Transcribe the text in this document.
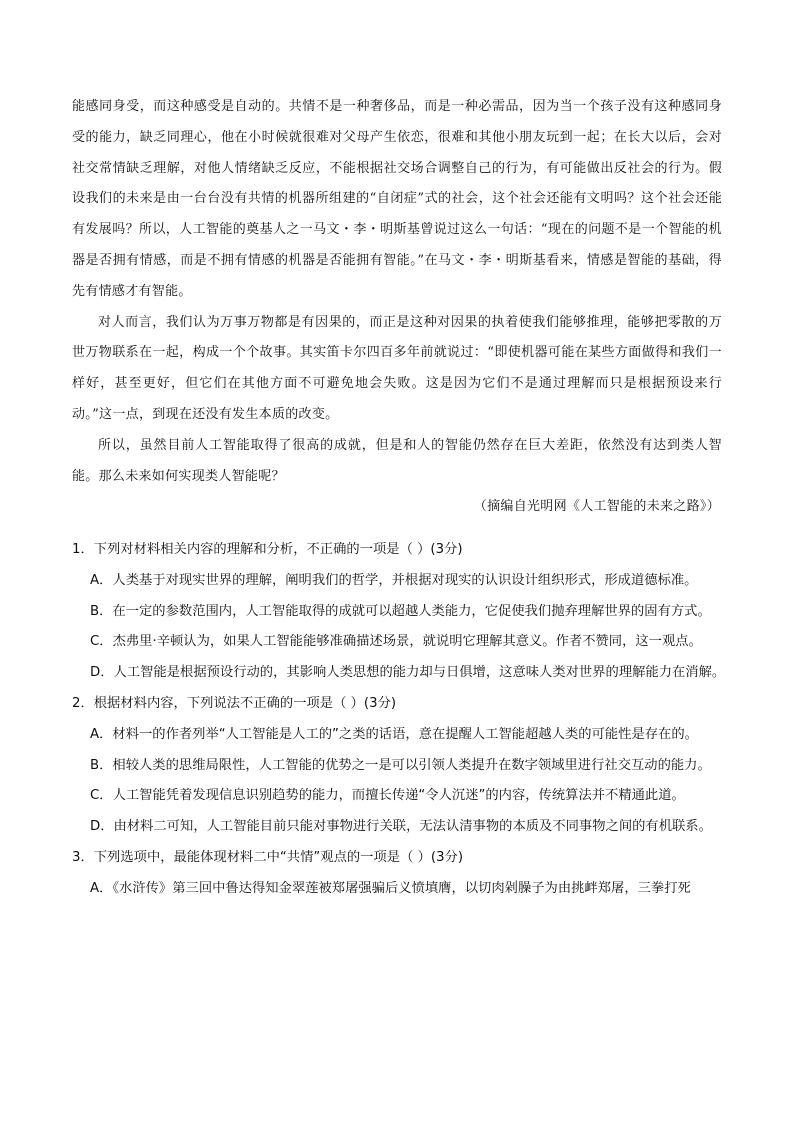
能感同身受，而这种感受是自动的。共情不是一种奢侈品，而是一种必需品，因为当一个孩子没有这种感同身受的能力，缺乏同理心，他在小时候就很难对父母产生依恋，很难和其他小朋友玩到一起；在长大以后，会对社交常情缺乏理解，对他人情绪缺乏反应，不能根据社交场合调整自己的行为，有可能做出反社会的行为。假设我们的未来是由一台台没有共情的机器所组建的“自闭症”式的社会，这个社会还能有文明吗？这个社会还能有发展吗？所以，人工智能的奠基人之一马文・李・明斯基曾说过这么一句话：“现在的问题不是一个智能的机器是否拥有情感，而是不拥有情感的机器是否能拥有智能。”在马文・李・明斯基看来，情感是智能的基础，得先有情感才有智能。

对人而言，我们认为万事万物都是有因果的，而正是这种对因果的执着使我们能够推理，能够把零散的万世万物联系在一起，构成一个个故事。其实笛卡尔四百多年前就说过：“即使机器可能在某些方面做得和我们一样好，甚至更好，但它们在其他方面不可避免地会失败。这是因为它们不是通过理解而只是根据预设来行动。”这一点，到现在还没有发生本质的改变。

所以，虽然目前人工智能取得了很高的成就，但是和人的智能仍然存在巨大差距，依然没有达到类人智能。那么未来如何实现类人智能呢？

（摘编自光明网《人工智能的未来之路》）

1．下列对材料相关内容的理解和分析，不正确的一项是（ ）(3分)

A．人类基于对现实世界的理解，阐明我们的哲学，并根据对现实的认识设计组织形式，形成道德标准。

B．在一定的参数范围内，人工智能取得的成就可以超越人类能力，它促使我们抛弃理解世界的固有方式。

C．杰弗里·辛顿认为，如果人工智能能够准确描述场景，就说明它理解其意义。作者不赞同，这一观点。

D．人工智能是根据预设行动的，其影响人类思想的能力却与日俱增，这意味人类对世界的理解能力在消解。

2．根据材料内容，下列说法不正确的一项是（ ）(3分)

A．材料一的作者列举“人工智能是人工的”之类的话语，意在提醒人工智能超越人类的可能性是存在的。

B．相较人类的思维局限性，人工智能的优势之一是可以引领人类提升在数字领域里进行社交互动的能力。

C．人工智能凭着发现信息识别趋势的能力，而擅长传递“令人沉迷”的内容，传统算法并不精通此道。

D．由材料二可知，人工智能目前只能对事物进行关联，无法认清事物的本质及不同事物之间的有机联系。

3．下列选项中，最能体现材料二中“共情”观点的一项是（ ）(3分)

A．《水浒传》第三回中鲁达得知金翠莲被郑屠强骗后义愤填膺，以切肉剁臊子为由挑衅郑屠，三拳打死
